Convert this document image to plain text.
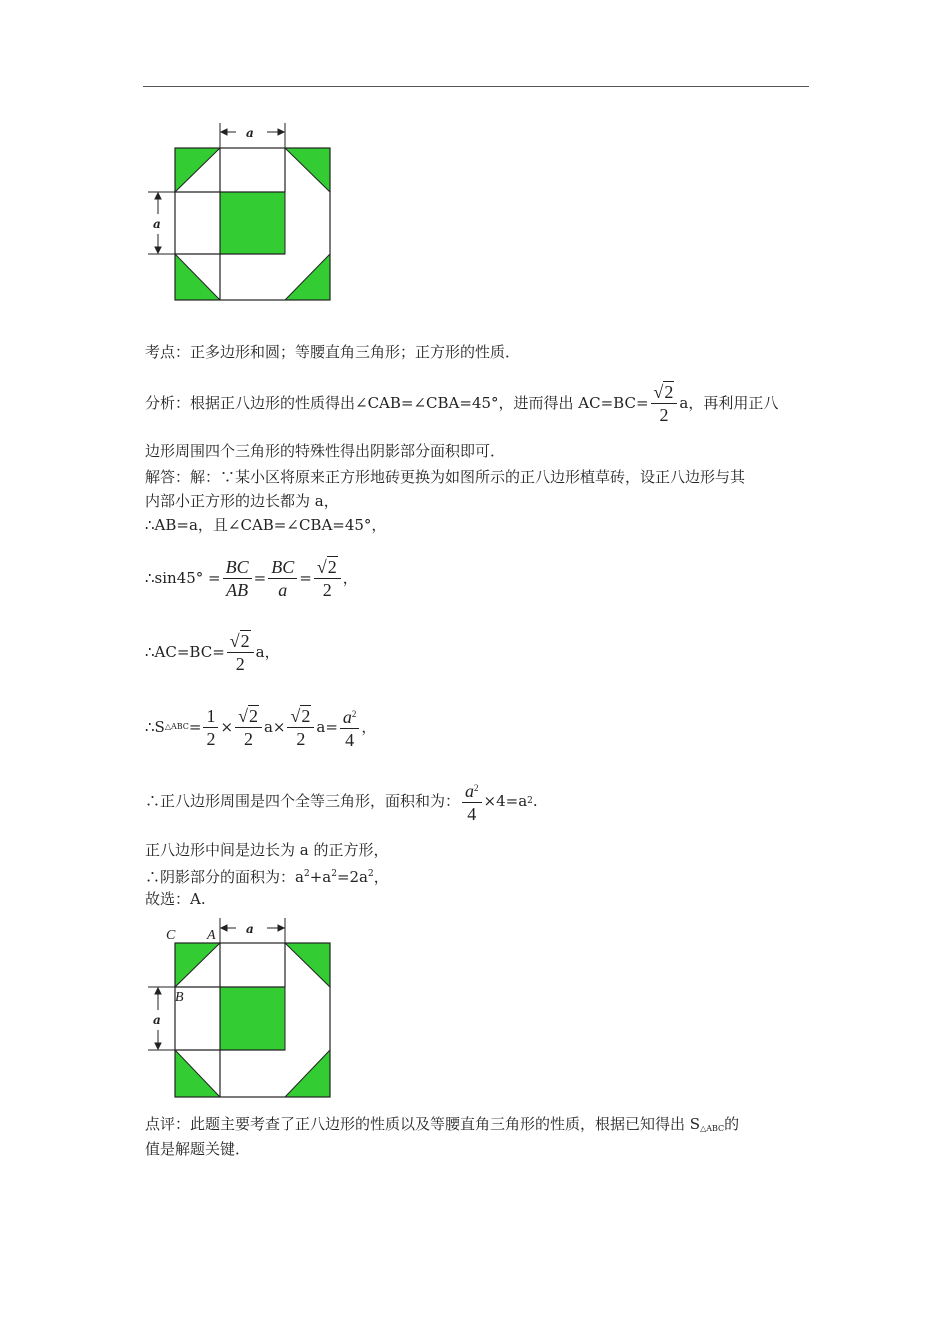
a
a
考点：正多边形和圆；等腰直角三角形；正方形的性质．
分析：根据正八边形的性质得出∠CAB=∠CBA=45°，进而得出 $AC=BC= \frac{√2}{2}$ a，再利用正八
边形周围四个三角形的特殊性得出阴影部分面积即可．
解答：解：∵某小区将原来正方形地砖更换为如图所示的正八边形植草砖，设正八边形与其
内部小正方形的边长都为 a，
∴AB=a，且∠CAB=∠CBA=45°，
∴sin45° = $\frac{BC}{AB} = \frac{BC}{a} = \frac{√2}{2}$ ，
∴AC=BC= $\frac{√2}{2}$ a ，
∴S △ABC = $\frac{1}{2} \times \frac{√2}{2}$ $a \times \frac{√2}{2}$ $a = \frac{a^2}{4}$ ，
∴正八边形周围是四个全等三角形，面积和为： $\frac{a^2}{4} \times 4=a$ 2 .
正八边形中间是边长为 a 的正方形，
∴阴影部分的面积为：$a^2+a^2=2a^2$，
故选：A.
a
a
C A
B
点评：此题主要考查了正八边形的性质以及等腰直角三角形的性质，根据已知得出 $S_{\triangle ABC}$的
值是解题关键．
